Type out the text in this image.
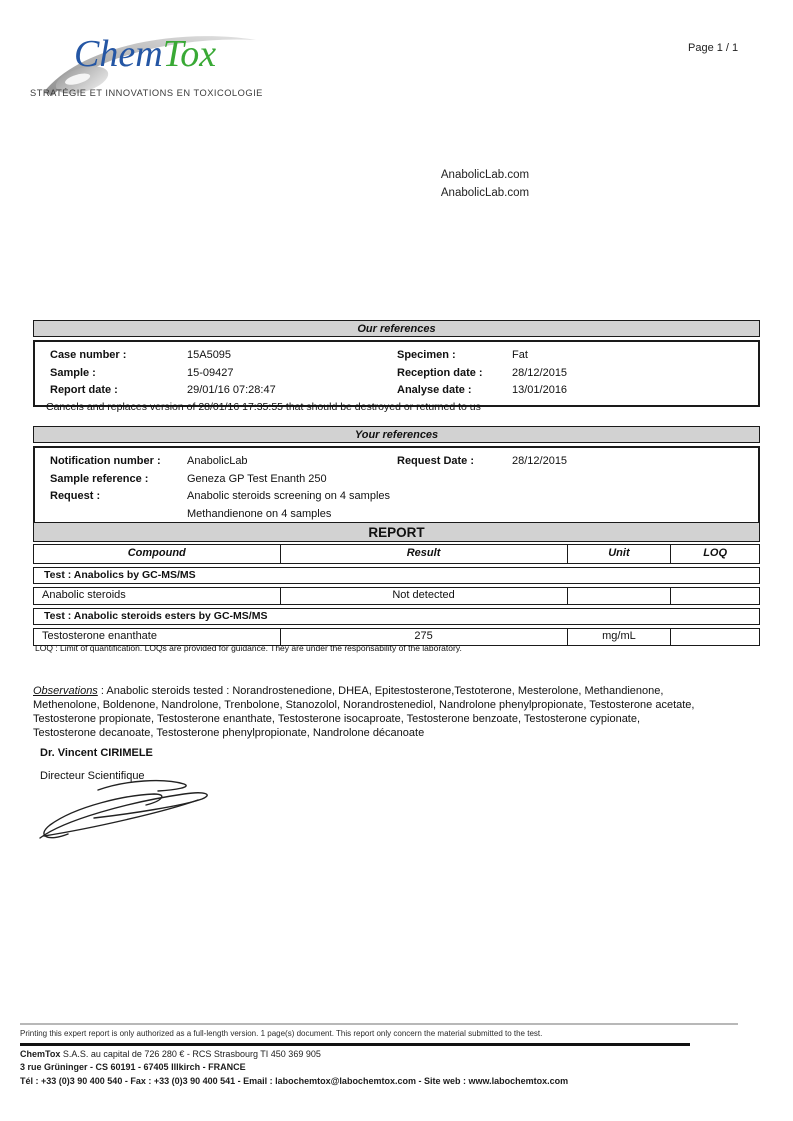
ChemTox
STRATÉGIE ET INNOVATIONS EN TOXICOLOGIE
Page 1 / 1
AnabolicLab.com
AnabolicLab.com
Our references
Case number :	15A5095	Specimen :	Fat
Sample :	15-09427	Reception date :	28/12/2015
Report date :	29/01/16 07:28:47	Analyse date :	13/01/2016
Cancels and replaces version of 28/01/16 17:35:55 that should be destroyed or returned to us
Your references
Notification number :	AnabolicLab	Request Date :	28/12/2015
Sample reference :	Geneza GP Test Enanth 250
Request :	Anabolic steroids screening on 4 samples
Methandienone on 4 samples
REPORT
Compound	Result	Unit	LOQ
Test : Anabolics by GC-MS/MS
Anabolic steroids	Not detected
Test : Anabolic steroids esters by GC-MS/MS
Testosterone enanthate	275	mg/mL
LOQ : Limit of quantification. LOQs are provided for guidance. They are under the responsability of the laboratory.
Observations : Anabolic steroids tested : Norandrostenedione, DHEA, Epitestosterone,Testoterone, Mesterolone, Methandienone, Methenolone, Boldenone, Nandrolone, Trenbolone, Stanozolol, Norandrostenediol, Nandrolone phenylpropionate, Testosterone acetate, Testosterone propionate, Testosterone enanthate, Testosterone isocaproate, Testosterone benzoate, Testosterone cypionate, Testosterone decanoate, Testosterone phenylpropionate, Nandrolone décanoate
Dr. Vincent CIRIMELE
Directeur Scientifique
Printing this expert report is only authorized as a full-length version. 1 page(s) document. This report only concern the material submitted to the test.
ChemTox S.A.S. au capital de 726 280 € - RCS Strasbourg TI 450 369 905
3 rue Grüninger - CS 60191 - 67405 Illkirch - FRANCE
Tél : +33 (0)3 90 400 540 - Fax : +33 (0)3 90 400 541 - Email : labochemtox@labochemtox.com - Site web : www.labochemtox.com
